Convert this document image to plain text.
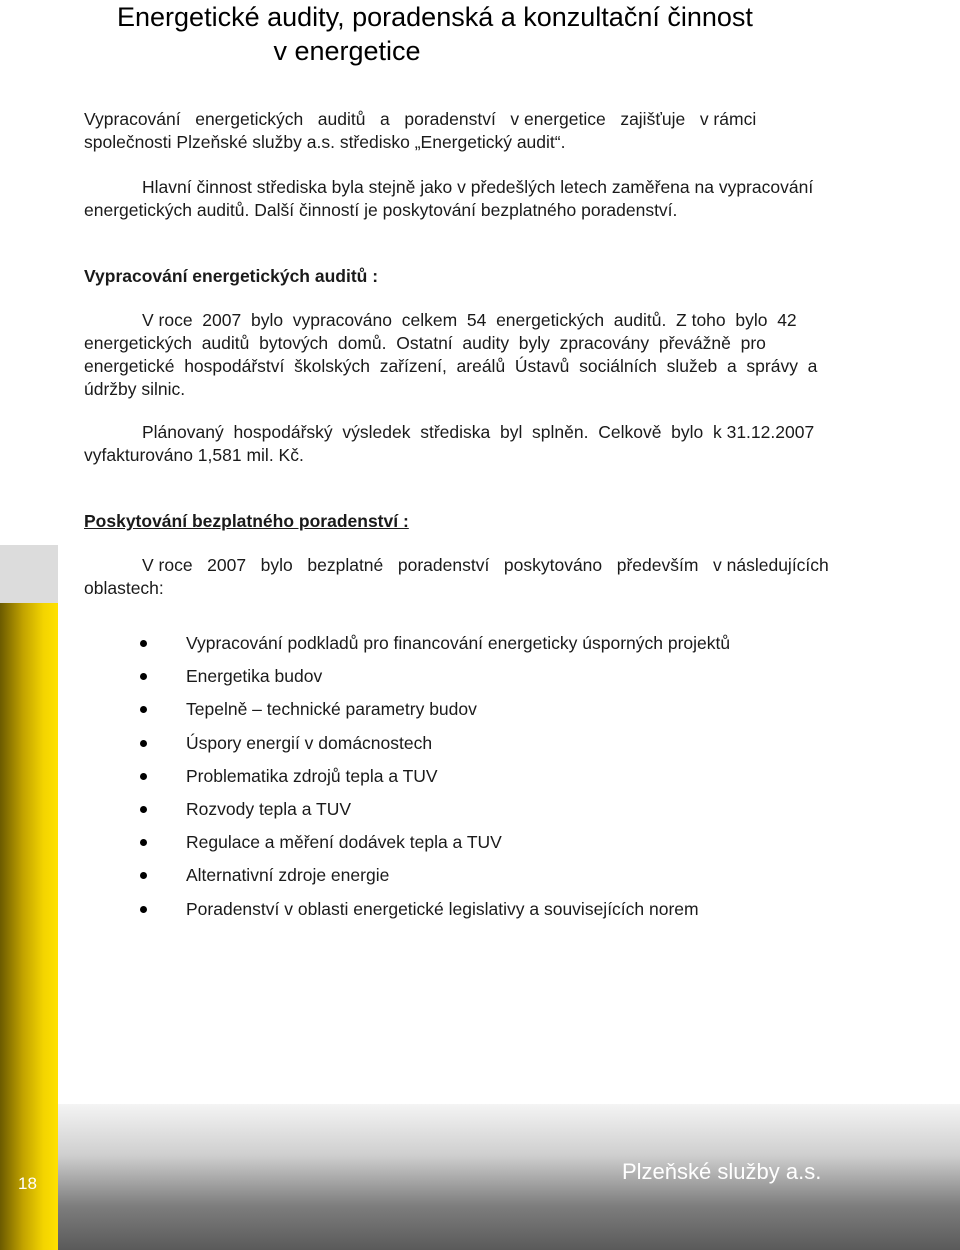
Energetické audity, poradenská a konzultační činnost
v energetice
Vypracování   energetických   auditů   a   poradenství   v energetice   zajišťuje   v rámci
společnosti Plzeňské služby a.s. středisko „Energetický audit“.
Hlavní činnost střediska byla stejně jako v předešlých letech zaměřena na vypracování
energetických auditů. Další činností je poskytování bezplatného poradenství.
Vypracování energetických auditů :
V roce  2007  bylo  vypracováno  celkem  54  energetických  auditů.  Z toho  bylo  42
energetických  auditů  bytových  domů.  Ostatní  audity  byly  zpracovány  převážně  pro
energetické  hospodářství  školských  zařízení,  areálů  Ústavů  sociálních  služeb  a  správy  a
údržby silnic.
Plánovaný  hospodářský  výsledek  střediska  byl  splněn.  Celkově  bylo  k 31.12.2007
vyfakturováno 1,581 mil. Kč.
Poskytování bezplatného poradenství :
V roce   2007   bylo   bezplatné   poradenství   poskytováno   především   v následujících
oblastech:
Vypracování podkladů pro financování energeticky úsporných projektů
Energetika budov
Tepelně – technické parametry budov
Úspory energií v domácnostech
Problematika zdrojů tepla a TUV
Rozvody tepla a TUV
Regulace a měření dodávek tepla a TUV
Alternativní zdroje energie
Poradenství v oblasti energetické legislativy a souvisejících norem
18	Plzeňské služby a.s.
